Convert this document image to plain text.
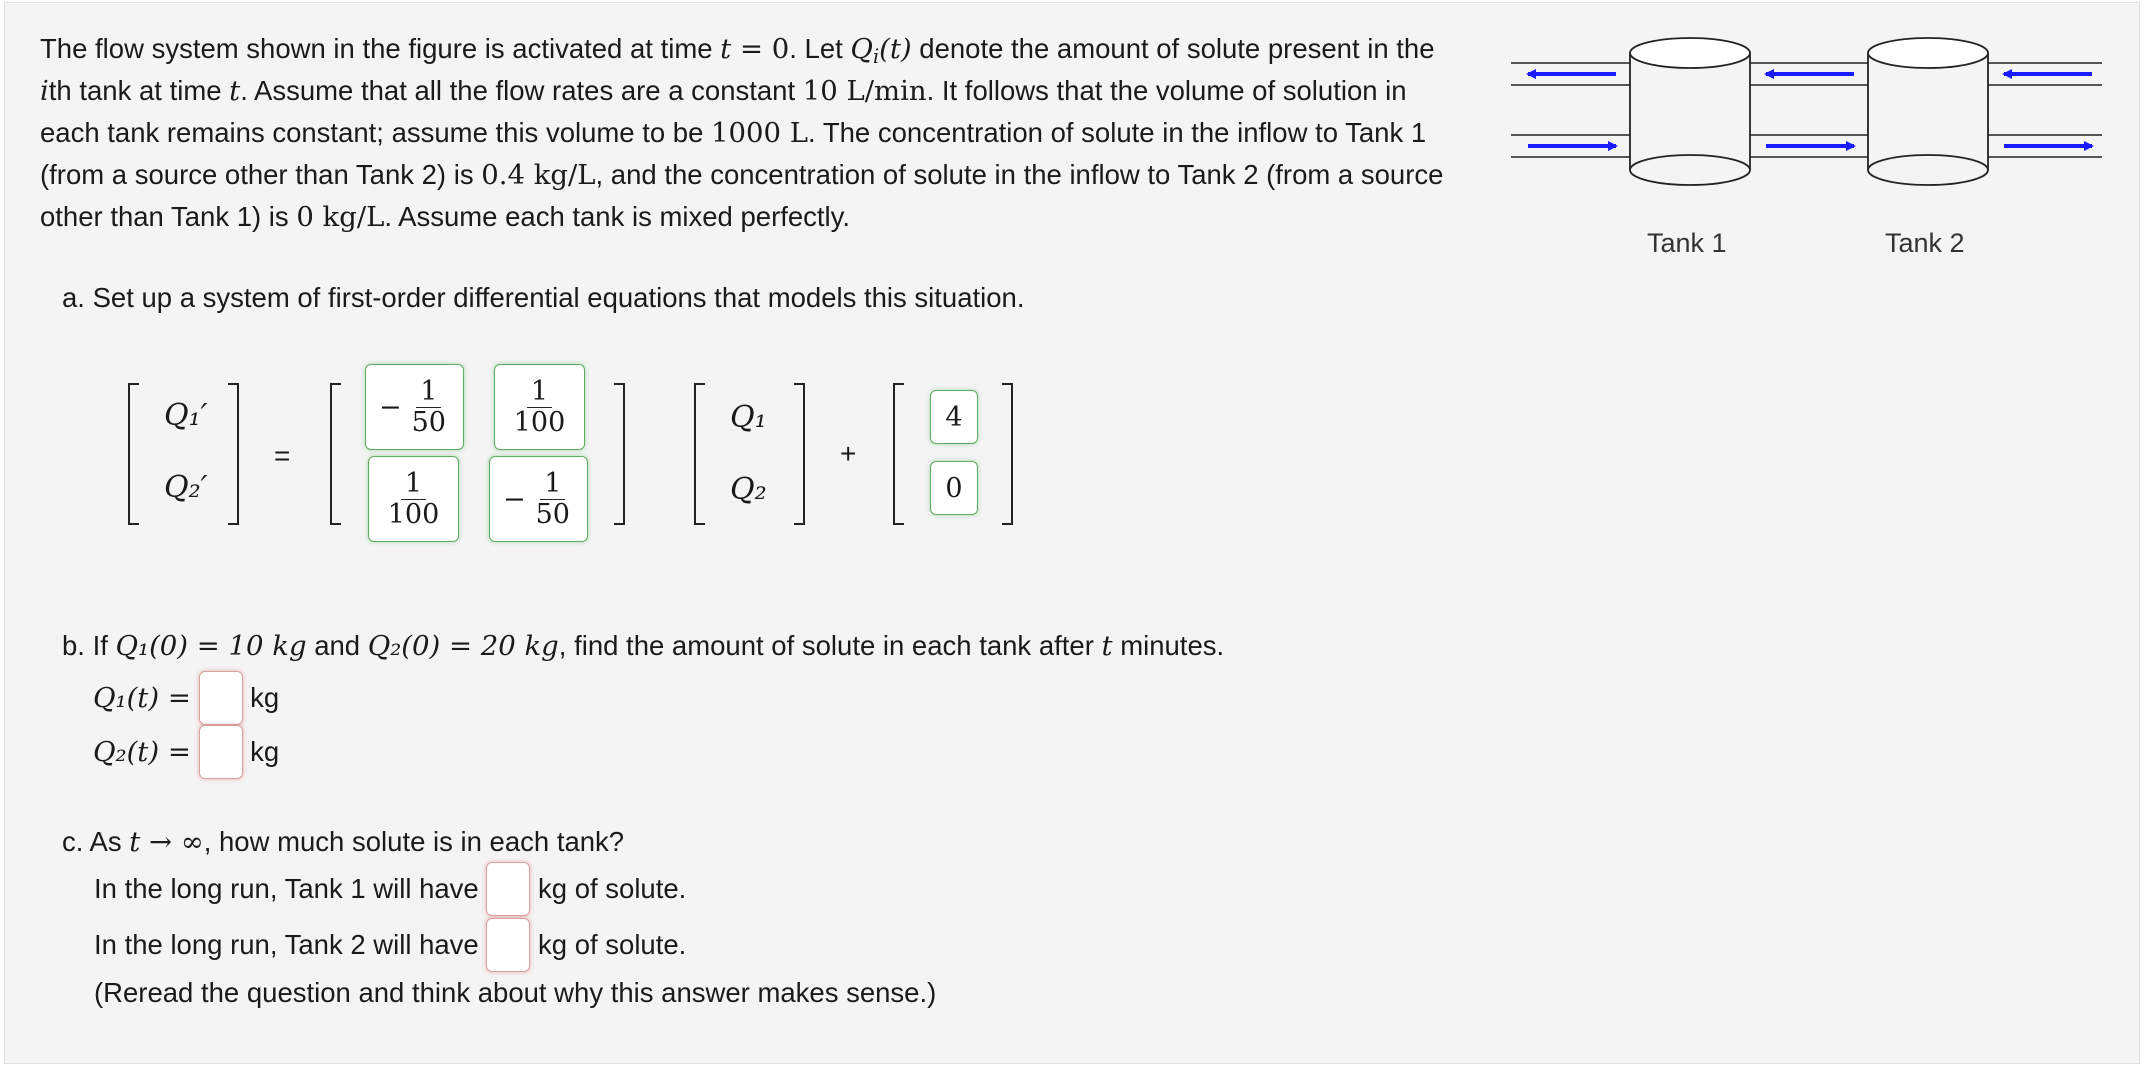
The flow system shown in the figure is activated at time t = 0. Let $Q_i(t)$ denote the amount of solute present in the ith tank at time t. Assume that all the flow rates are a constant 10 L/min. It follows that the volume of solution in each tank remains constant; assume this volume to be 1000 L. The concentration of solute in the inflow to Tank 1 (from a source other than Tank 2) is 0.4 kg/L, and the concentration of solute in the inflow to Tank 2 (from a source other than Tank 1) is 0 kg/L. Assume each tank is mixed perfectly.
Tank 1	Tank 2
a. Set up a system of first-order differential equations that models this situation.
Q₁′
Q₂′
=
− $\frac{1}{50} \frac{1}{100}$
$\frac{1}{100} - \frac{1}{50}$
Q₁
Q₂
+
4
0
b. If Q₁(0) = 10 kg and Q₂(0) = 20 kg, find the amount of solute in each tank after t minutes.
Q₁(t) = kg
Q₂(t) = kg
c. As t → ∞, how much solute is in each tank?
In the long run, Tank 1 will have kg of solute.
In the long run, Tank 2 will have kg of solute.
(Reread the question and think about why this answer makes sense.)
